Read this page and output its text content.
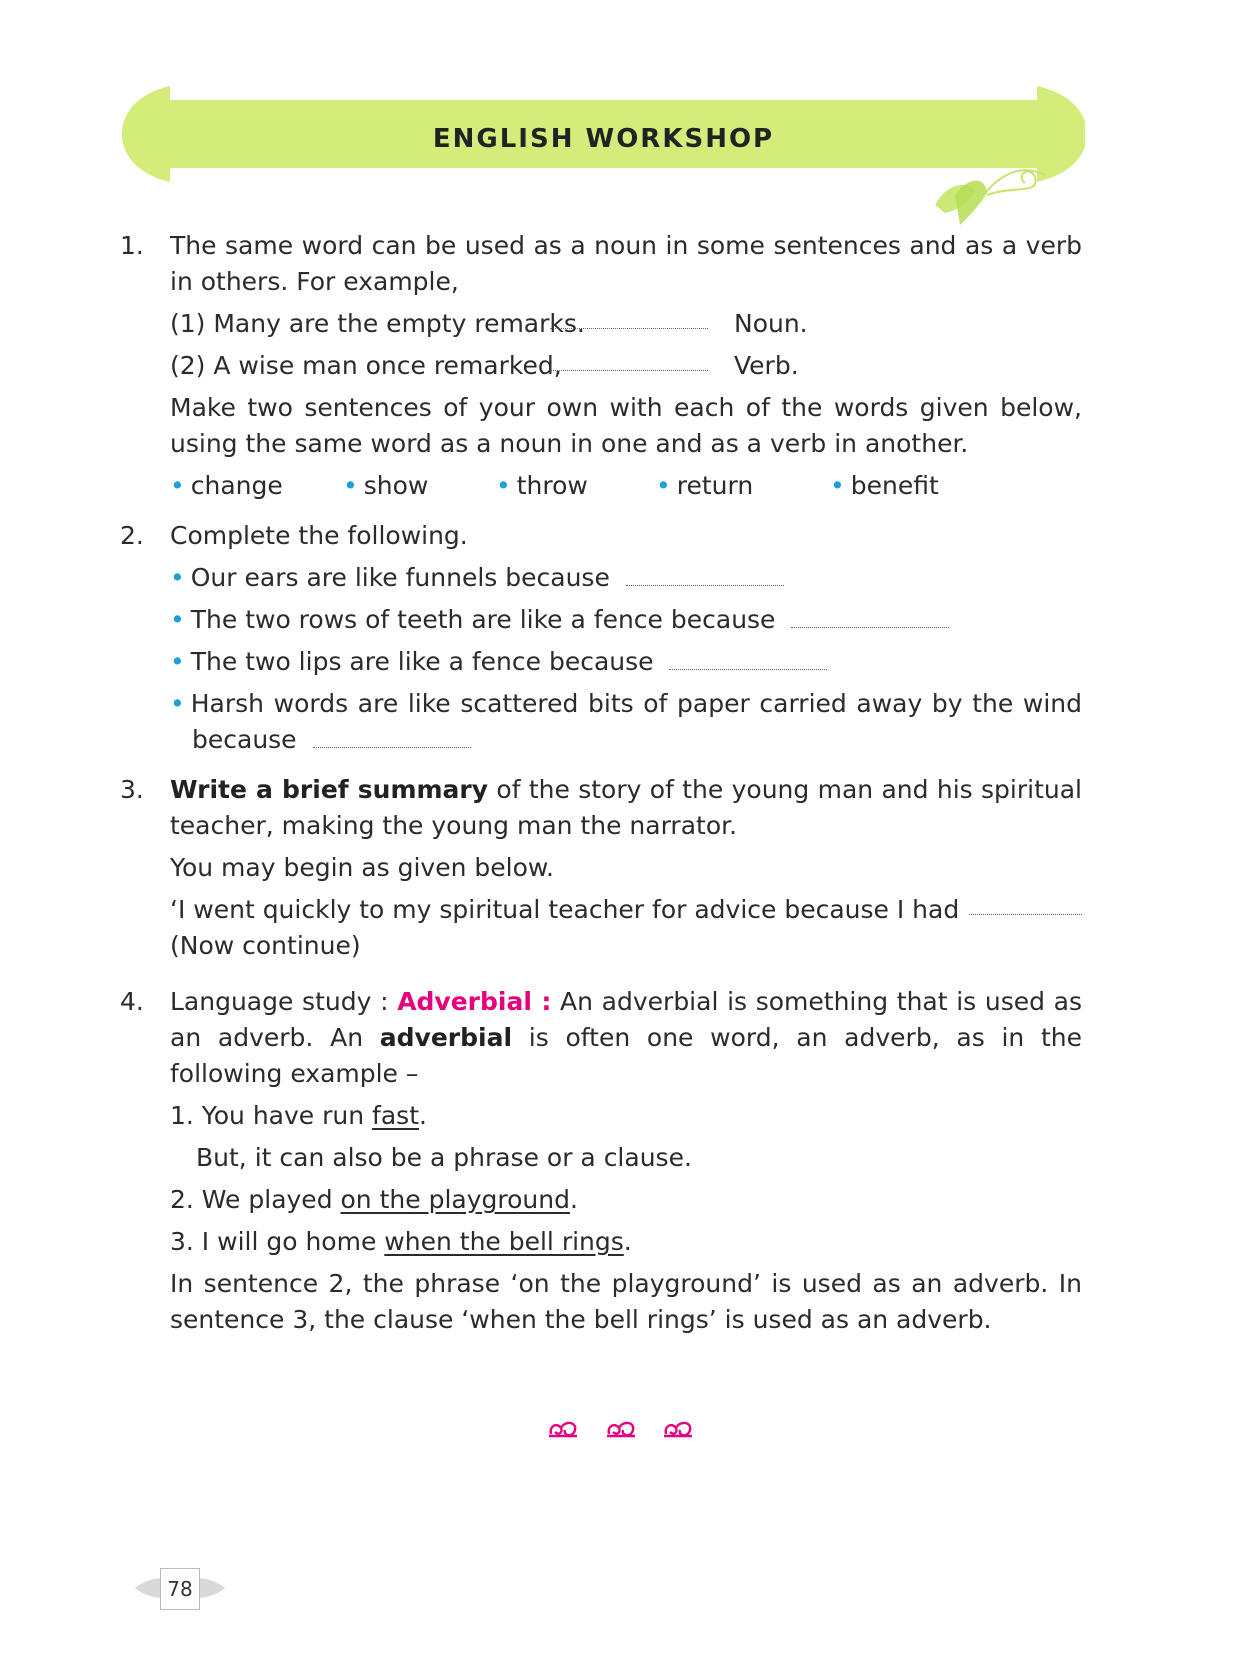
ENGLISH WORKSHOP
1. The same word can be used as a noun in some sentences and as a verb in others. For example,
(1) Many are the empty remarks.	Noun.
(2) A wise man once remarked,	Verb.
Make two sentences of your own with each of the words given below, using the same word as a noun in one and as a verb in another.
• change	• show	• throw	• return	• benefit
2. Complete the following.
• Our ears are like funnels because
• The two rows of teeth are like a fence because
• The two lips are like a fence because
• Harsh words are like scattered bits of paper carried away by the wind because
3. Write a brief summary of the story of the young man and his spiritual teacher, making the young man the narrator.
You may begin as given below.
‘I went quickly to my spiritual teacher for advice because I had
(Now continue)
4. Language study : Adverbial : An adverbial is something that is used as an adverb. An adverbial is often one word, an adverb, as in the following example –
1. You have run fast.
But, it can also be a phrase or a clause.
2. We played on the playground.
3. I will go home when the bell rings.
In sentence 2, the phrase ‘on the playground’ is used as an adverb. In sentence 3, the clause ‘when the bell rings’ is used as an adverb.

78
